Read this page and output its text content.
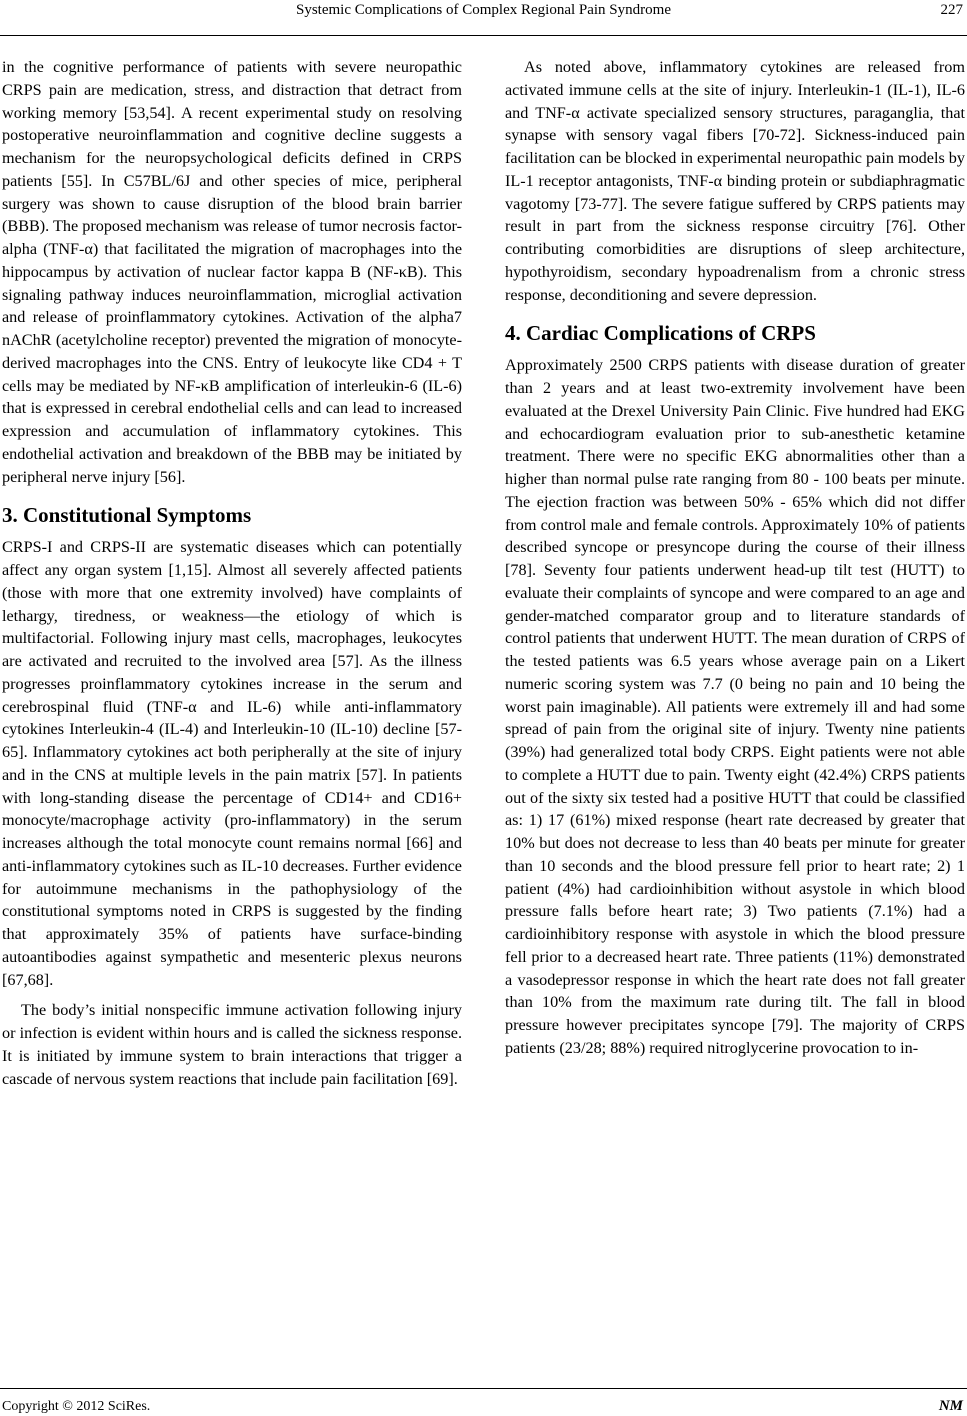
Systemic Complications of Complex Regional Pain Syndrome	227

in the cognitive performance of patients with severe neuropathic CRPS pain are medication, stress, and distraction that detract from working memory [53,54]. A recent experimental study on resolving postoperative neuroinflammation and cognitive decline suggests a mechanism for the neuropsychological deficits defined in CRPS patients [55]. In C57BL/6J and other species of mice, peripheral surgery was shown to cause disruption of the blood brain barrier (BBB). The proposed mechanism was release of tumor necrosis factor-alpha (TNF-α) that facilitated the migration of macrophages into the hippocampus by activation of nuclear factor kappa B (NF-κB). This signaling pathway induces neuroinflammation, microglial activation and release of proinflammatory cytokines. Activation of the alpha7 nAChR (acetylcholine receptor) prevented the migration of monocyte-derived macrophages into the CNS. Entry of leukocyte like CD4 + T cells may be mediated by NF-κB amplification of interleukin-6 (IL-6) that is expressed in cerebral endothelial cells and can lead to increased expression and accumulation of inflammatory cytokines. This endothelial activation and breakdown of the BBB may be initiated by peripheral nerve injury [56].

3. Constitutional Symptoms

CRPS-I and CRPS-II are systematic diseases which can potentially affect any organ system [1,15]. Almost all severely affected patients (those with more that one extremity involved) have complaints of lethargy, tiredness, or weakness—the etiology of which is multifactorial. Following injury mast cells, macrophages, leukocytes are activated and recruited to the involved area [57]. As the illness progresses proinflammatory cytokines increase in the serum and cerebrospinal fluid (TNF-α and IL-6) while anti-inflammatory cytokines Interleukin-4 (IL-4) and Interleukin-10 (IL-10) decline [57-65]. Inflammatory cytokines act both peripherally at the site of injury and in the CNS at multiple levels in the pain matrix [57]. In patients with long-standing disease the percentage of CD14+ and CD16+ monocyte/macrophage activity (pro-inflammatory) in the serum increases although the total monocyte count remains normal [66] and anti-inflammatory cytokines such as IL-10 decreases. Further evidence for autoimmune mechanisms in the pathophysiology of the constitutional symptoms noted in CRPS is suggested by the finding that approximately 35% of patients have surface-binding autoantibodies against sympathetic and mesenteric plexus neurons [67,68].

The body’s initial nonspecific immune activation following injury or infection is evident within hours and is called the sickness response. It is initiated by immune system to brain interactions that trigger a cascade of nervous system reactions that include pain facilitation [69].

As noted above, inflammatory cytokines are released from activated immune cells at the site of injury. Interleukin-1 (IL-1), IL-6 and TNF-α activate specialized sensory structures, paraganglia, that synapse with sensory vagal fibers [70-72]. Sickness-induced pain facilitation can be blocked in experimental neuropathic pain models by IL-1 receptor antagonists, TNF-α binding protein or subdiaphragmatic vagotomy [73-77]. The severe fatigue suffered by CRPS patients may result in part from the sickness response circuitry [76]. Other contributing comorbidities are disruptions of sleep architecture, hypothyroidism, secondary hypoadrenalism from a chronic stress response, deconditioning and severe depression.

4. Cardiac Complications of CRPS

Approximately 2500 CRPS patients with disease duration of greater than 2 years and at least two-extremity involvement have been evaluated at the Drexel University Pain Clinic. Five hundred had EKG and echocardiogram evaluation prior to sub-anesthetic ketamine treatment. There were no specific EKG abnormalities other than a higher than normal pulse rate ranging from 80 - 100 beats per minute. The ejection fraction was between 50% - 65% which did not differ from control male and female controls. Approximately 10% of patients described syncope or presyncope during the course of their illness [78]. Seventy four patients underwent head-up tilt test (HUTT) to evaluate their complaints of syncope and were compared to an age and gender-matched comparator group and to literature standards of control patients that underwent HUTT. The mean duration of CRPS of the tested patients was 6.5 years whose average pain on a Likert numeric scoring system was 7.7 (0 being no pain and 10 being the worst pain imaginable). All patients were extremely ill and had some spread of pain from the original site of injury. Twenty nine patients (39%) had generalized total body CRPS. Eight patients were not able to complete a HUTT due to pain. Twenty eight (42.4%) CRPS patients out of the sixty six tested had a positive HUTT that could be classified as: 1) 17 (61%) mixed response (heart rate decreased by greater that 10% but does not decrease to less than 40 beats per minute for greater than 10 seconds and the blood pressure fell prior to heart rate; 2) 1 patient (4%) had cardioinhibition without asystole in which blood pressure falls before heart rate; 3) Two patients (7.1%) had a cardioinhibitory response with asystole in which the blood pressure fell prior to a decreased heart rate. Three patients (11%) demonstrated a vasodepressor response in which the heart rate does not fall greater than 10% from the maximum rate during tilt. The fall in blood pressure however precipitates syncope [79]. The majority of CRPS patients (23/28; 88%) required nitroglycerine provocation to in-

Copyright © 2012 SciRes.	NM
